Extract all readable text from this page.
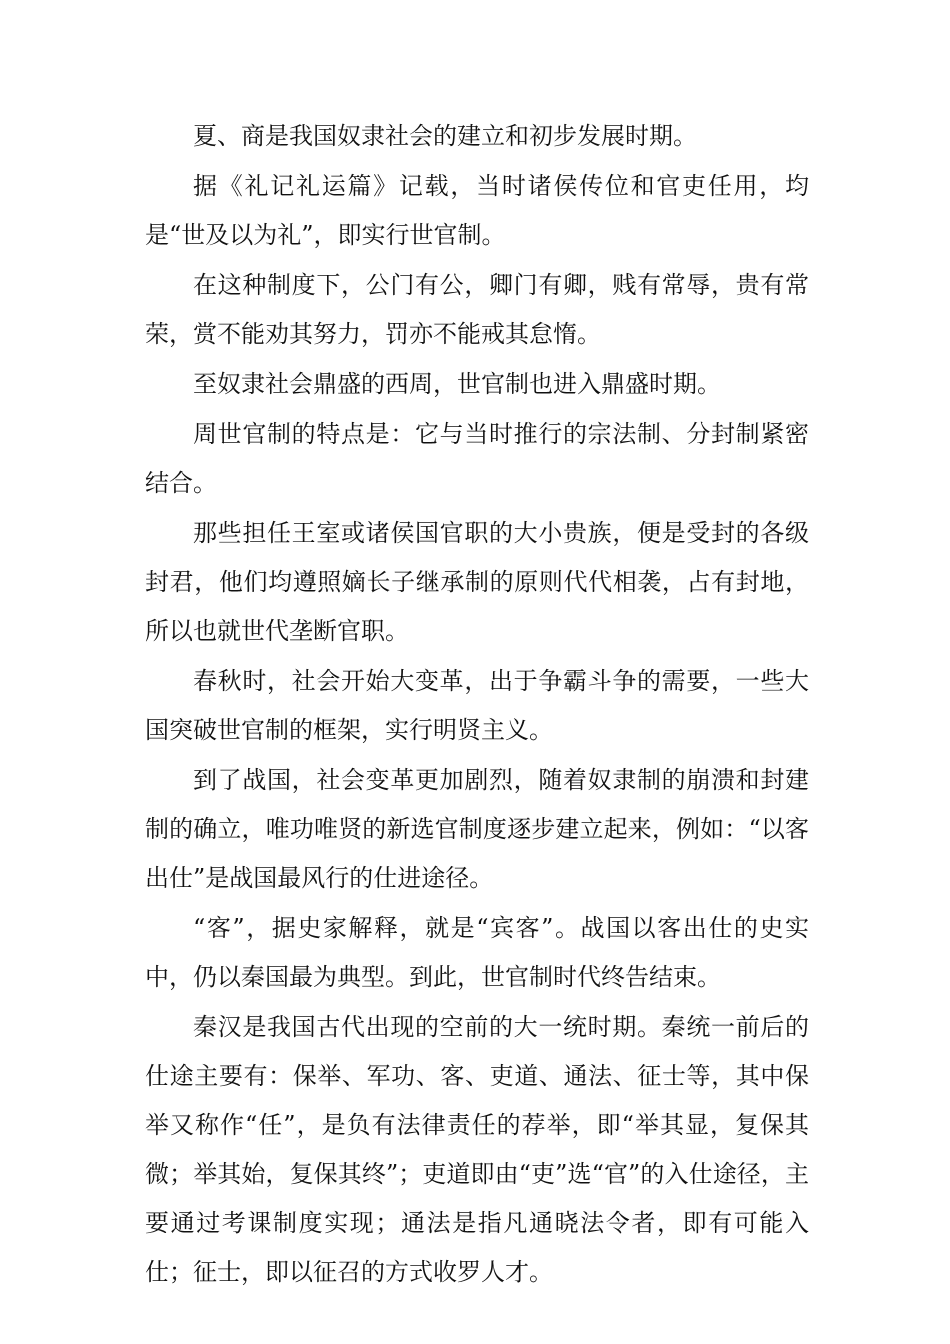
夏、商是我国奴隶社会的建立和初步发展时期。

据《礼记礼运篇》记载，当时诸侯传位和官吏任用，均是“世及以为礼”，即实行世官制。

在这种制度下，公门有公，卿门有卿，贱有常辱，贵有常荣，赏不能劝其努力，罚亦不能戒其怠惰。

至奴隶社会鼎盛的西周，世官制也进入鼎盛时期。

周世官制的特点是：它与当时推行的宗法制、分封制紧密结合。

那些担任王室或诸侯国官职的大小贵族，便是受封的各级封君，他们均遵照嫡长子继承制的原则代代相袭，占有封地，所以也就世代垄断官职。

春秋时，社会开始大变革，出于争霸斗争的需要，一些大国突破世官制的框架，实行明贤主义。

到了战国，社会变革更加剧烈，随着奴隶制的崩溃和封建制的确立，唯功唯贤的新选官制度逐步建立起来，例如：“以客出仕”是战国最风行的仕进途径。

“客”，据史家解释，就是“宾客”。战国以客出仕的史实中，仍以秦国最为典型。到此，世官制时代终告结束。

秦汉是我国古代出现的空前的大一统时期。秦统一前后的仕途主要有：保举、军功、客、吏道、通法、征士等，其中保举又称作“任”，是负有法律责任的荐举，即“举其显，复保其微；举其始，复保其终”；吏道即由“吏”选“官”的入仕途径，主要通过考课制度实现；通法是指凡通晓法令者，即有可能入仕；征士，即以征召的方式收罗人才。
